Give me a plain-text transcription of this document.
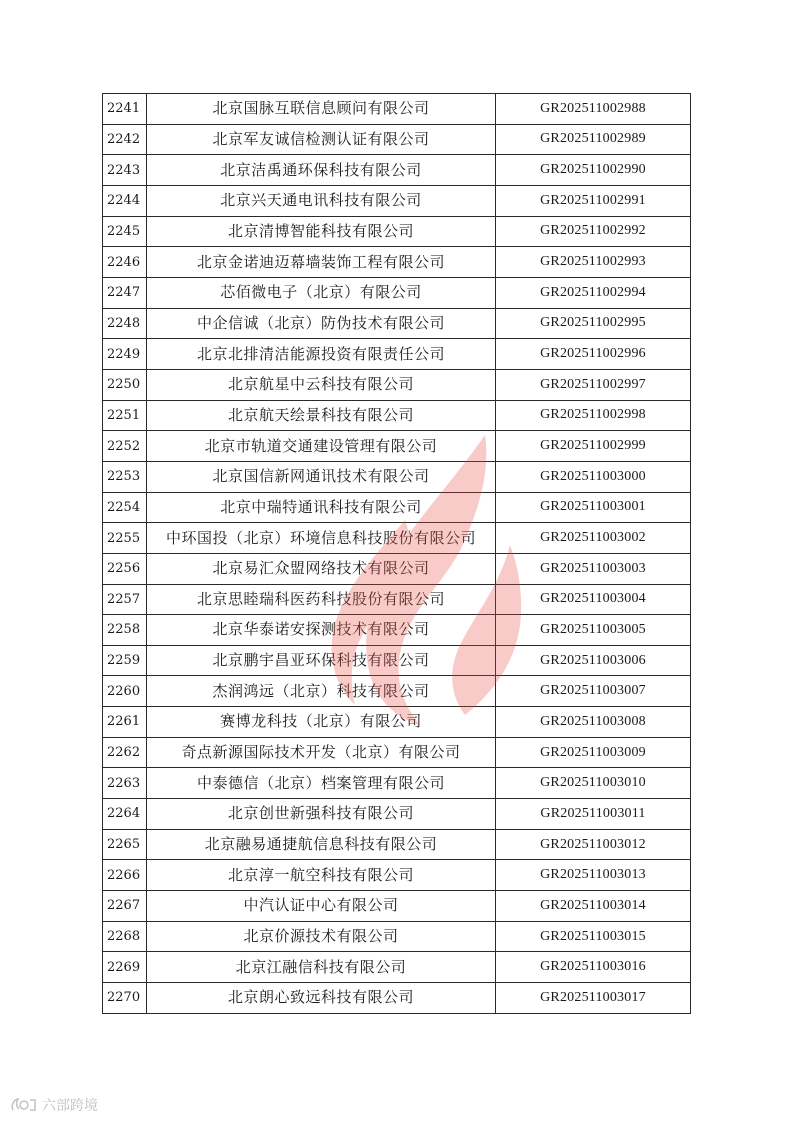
2241	北京国脉互联信息顾问有限公司	GR202511002988
2242	北京军友诚信检测认证有限公司	GR202511002989
2243	北京洁禹通环保科技有限公司	GR202511002990
2244	北京兴天通电讯科技有限公司	GR202511002991
2245	北京清博智能科技有限公司	GR202511002992
2246	北京金诺迪迈幕墙装饰工程有限公司	GR202511002993
2247	芯佰微电子（北京）有限公司	GR202511002994
2248	中企信诚（北京）防伪技术有限公司	GR202511002995
2249	北京北排清洁能源投资有限责任公司	GR202511002996
2250	北京航星中云科技有限公司	GR202511002997
2251	北京航天绘景科技有限公司	GR202511002998
2252	北京市轨道交通建设管理有限公司	GR202511002999
2253	北京国信新网通讯技术有限公司	GR202511003000
2254	北京中瑞特通讯科技有限公司	GR202511003001
2255	中环国投（北京）环境信息科技股份有限公司	GR202511003002
2256	北京易汇众盟网络技术有限公司	GR202511003003
2257	北京思睦瑞科医药科技股份有限公司	GR202511003004
2258	北京华泰诺安探测技术有限公司	GR202511003005
2259	北京鹏宇昌亚环保科技有限公司	GR202511003006
2260	杰润鸿远（北京）科技有限公司	GR202511003007
2261	赛博龙科技（北京）有限公司	GR202511003008
2262	奇点新源国际技术开发（北京）有限公司	GR202511003009
2263	中泰德信（北京）档案管理有限公司	GR202511003010
2264	北京创世新强科技有限公司	GR202511003011
2265	北京融易通捷航信息科技有限公司	GR202511003012
2266	北京淳一航空科技有限公司	GR202511003013
2267	中汽认证中心有限公司	GR202511003014
2268	北京价源技术有限公司	GR202511003015
2269	北京江融信科技有限公司	GR202511003016
2270	北京朗心致远科技有限公司	GR202511003017
六部跨境
